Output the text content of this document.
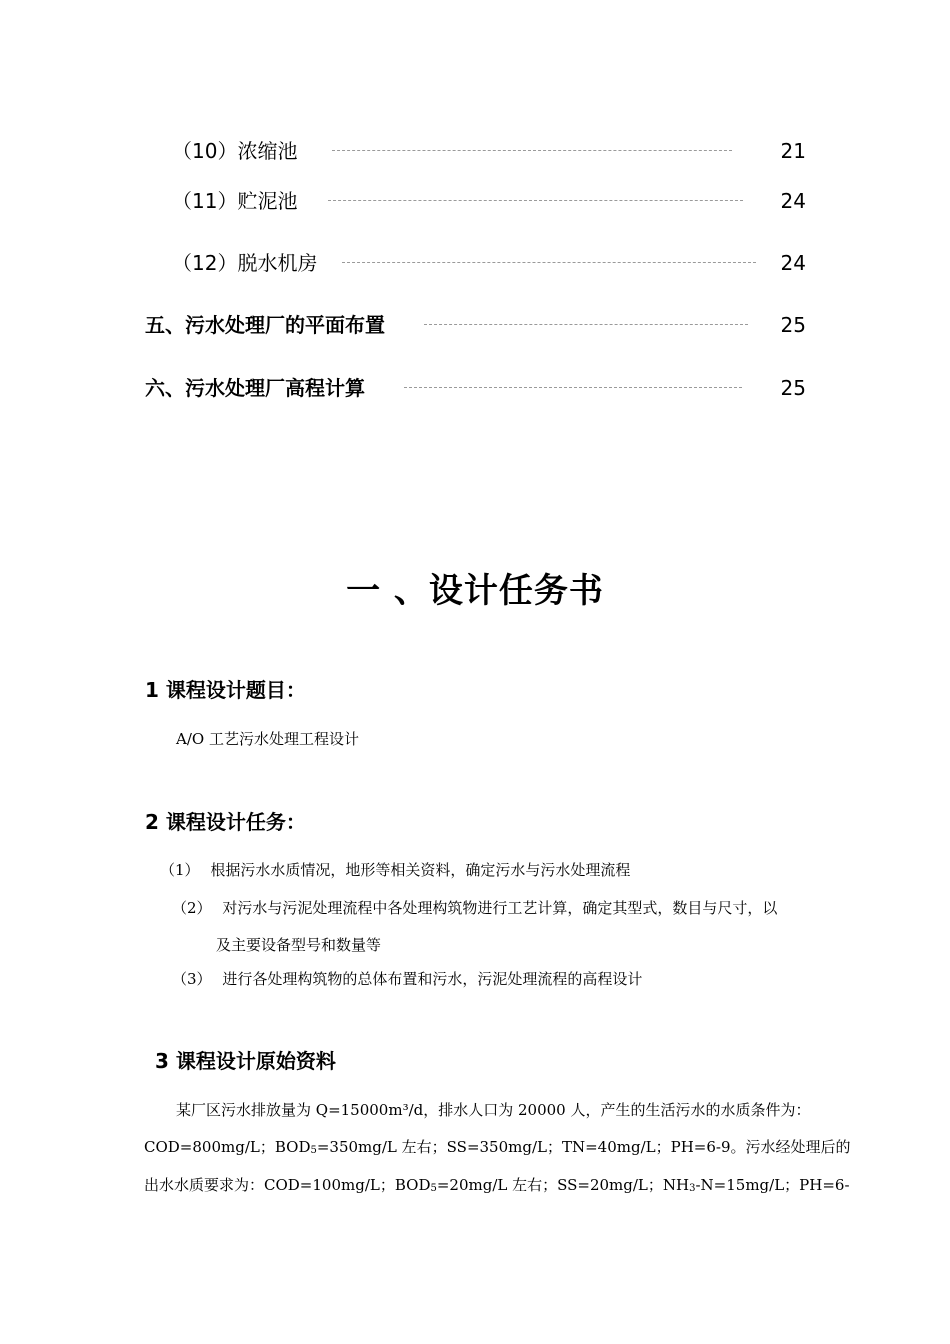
（10）浓缩池	21
（11）贮泥池	24
（12）脱水机房	24
五、污水处理厂的平面布置	25
六、污水处理厂高程计算	25
一 、设计任务书
1 课程设计题目：
A/O 工艺污水处理工程设计
2 课程设计任务：
（1） 根据污水水质情况，地形等相关资料，确定污水与污水处理流程
（2） 对污水与污泥处理流程中各处理构筑物进行工艺计算，确定其型式，数目与尺寸，以
及主要设备型号和数量等
（3） 进行各处理构筑物的总体布置和污水，污泥处理流程的高程设计
3 课程设计原始资料
某厂区污水排放量为 Q=15000m³/d，排水人口为 20000 人，产生的生活污水的水质条件为：
COD=800mg/L；$BOD_5=350mg/L$ 左右；SS=350mg/L；TN=40mg/L；PH=6-9。污水经处理后的
出水水质要求为：COD=100mg/L；$BOD_5=20mg/L$ 左右；SS=20mg/L；$NH_3-N=15mg/L$；PH=6-
